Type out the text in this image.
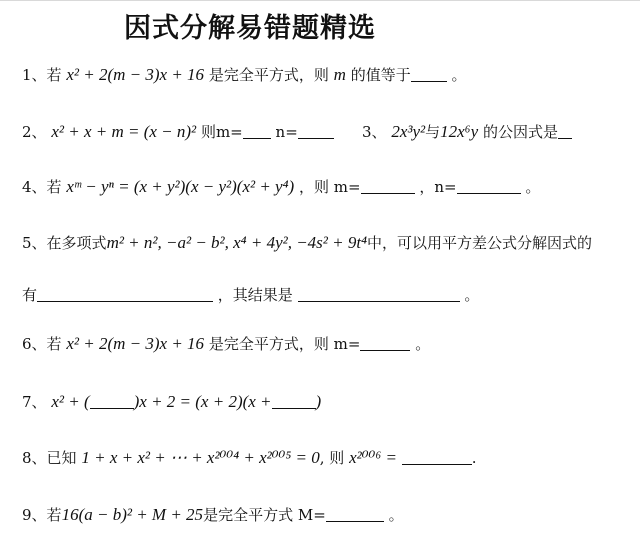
因式分解易错题精选
1、若 x² + 2(m − 3)x + 16 是完全平方式，则 m 的值等于	。
2、 x² + x + m = (x − n)² 则m= n=	3、 2x³y²与12x⁶y 的公因式是
4、若 xᵐ − yⁿ = (x + y²)(x − y²)(x² + y⁴) ，则 m=	，n=	。
5、在多项式m² + n², −a² − b², x⁴ + 4y², −4s² + 9t⁴中，可以用平方差公式分解因式的
有	，其结果是	。
6、若 x² + 2(m − 3)x + 16 是完全平方式，则 m=	。
7、 x² + (	)x + 2 = (x + 2)(x +	)
8、已知 1 + x + x² + ⋯ + x²⁰⁰⁴ + x²⁰⁰⁵ = 0, 则 x²⁰⁰⁶ =	.
9、若16(a − b)² + M + 25是完全平方式 M=	。
